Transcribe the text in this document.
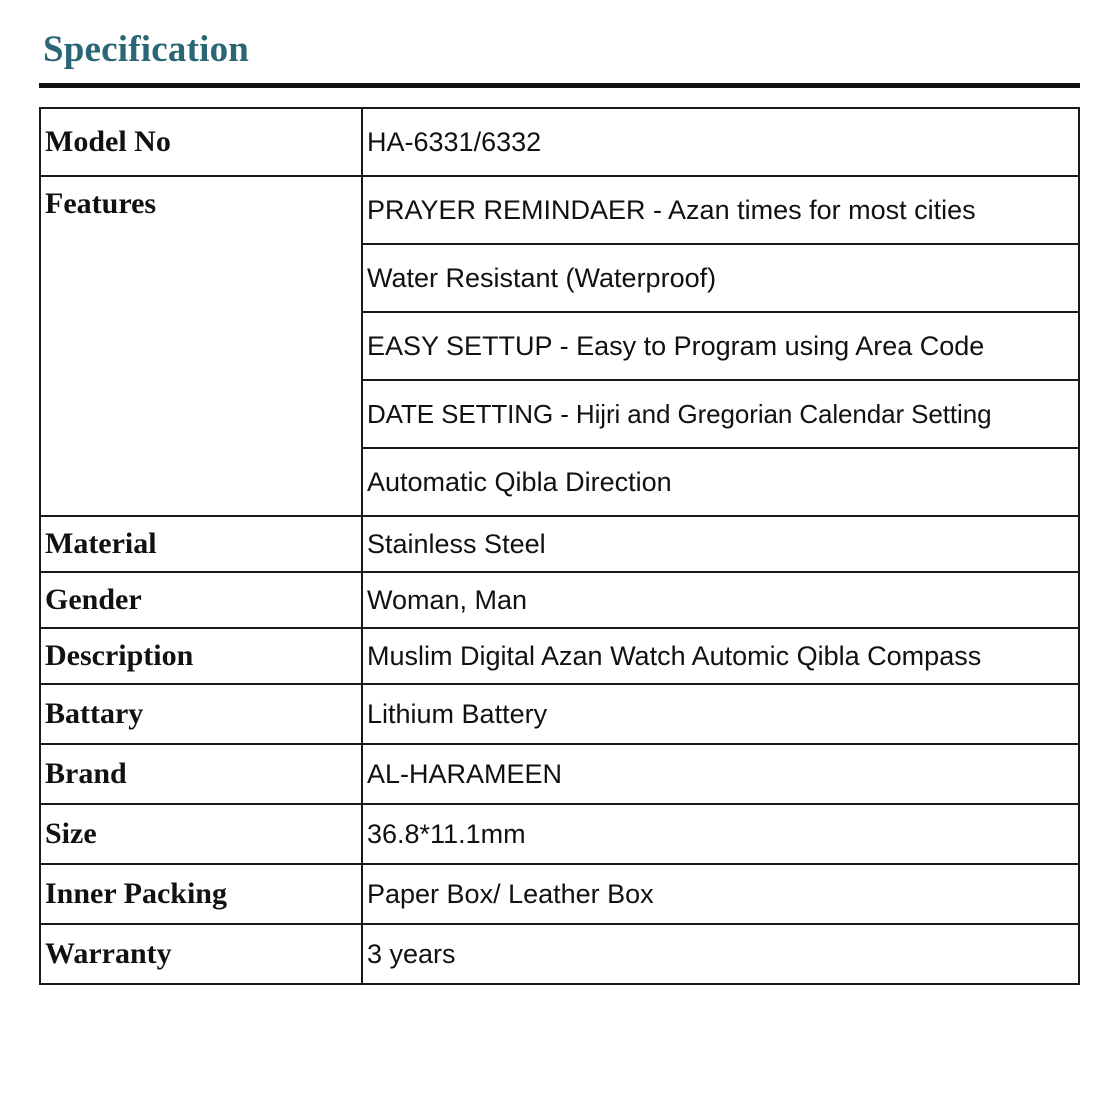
Specification
Model No	HA-6331/6332
Features	PRAYER REMINDAER - Azan times for most cities
	Water Resistant (Waterproof)
	EASY SETTUP - Easy to Program using Area Code
	DATE SETTING - Hijri and Gregorian Calendar Setting
	Automatic Qibla Direction
Material	Stainless Steel
Gender	Woman, Man
Description	Muslim Digital Azan Watch Automic Qibla Compass
Battary	Lithium Battery
Brand	AL-HARAMEEN
Size	36.8*11.1mm
Inner Packing	Paper Box/ Leather Box
Warranty	3 years
